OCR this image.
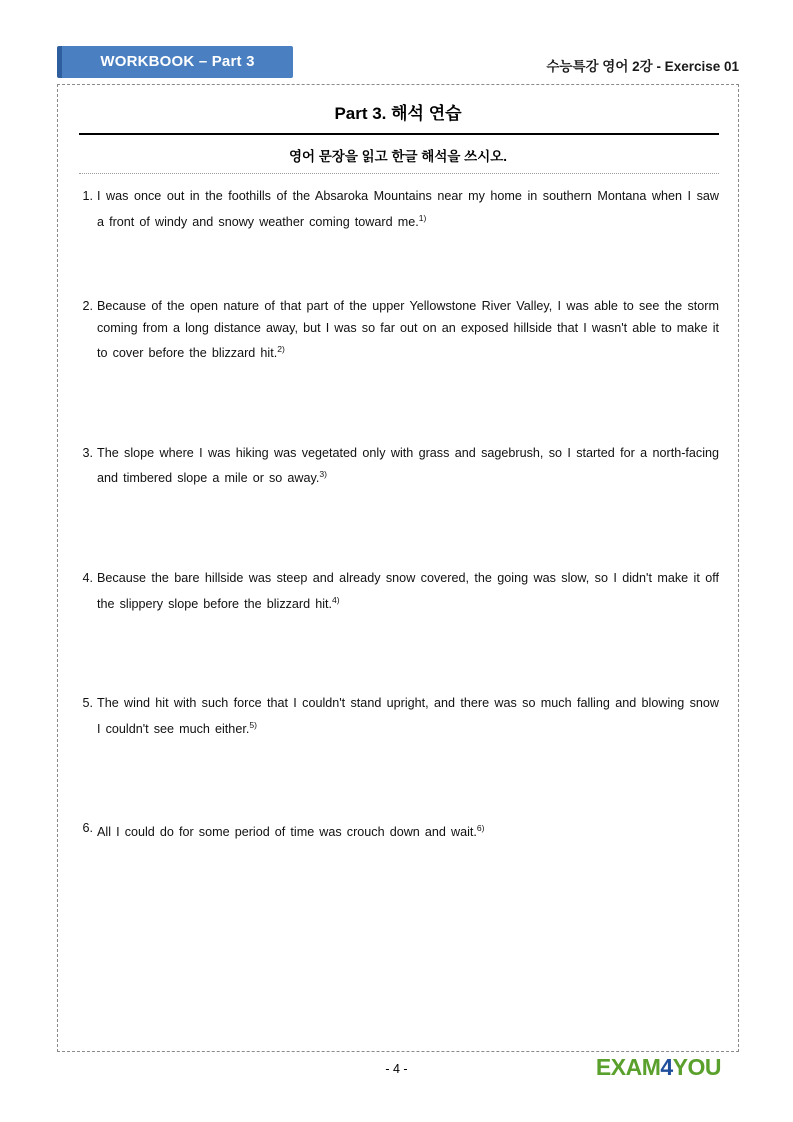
WORKBOOK – Part 3	수능특강 영어 2강 - Exercise 01
Part 3. 해석 연습
영어 문장을 읽고 한글 해석을 쓰시오.
1. I was once out in the foothills of the Absaroka Mountains near my home in southern Montana when I saw a front of windy and snowy weather coming toward me.$^{1)}$
2. Because of the open nature of that part of the upper Yellowstone River Valley, I was able to see the storm coming from a long distance away, but I was so far out on an exposed hillside that I wasn't able to make it to cover before the blizzard hit.$^{2)}$
3. The slope where I was hiking was vegetated only with grass and sagebrush, so I started for a north-facing and timbered slope a mile or so away.$^{3)}$
4. Because the bare hillside was steep and already snow covered, the going was slow, so I didn't make it off the slippery slope before the blizzard hit.$^{4)}$
5. The wind hit with such force that I couldn't stand upright, and there was so much falling and blowing snow I couldn't see much either.$^{5)}$
6. All I could do for some period of time was crouch down and wait.$^{6)}$
- 4 -	EXAM4YOU
